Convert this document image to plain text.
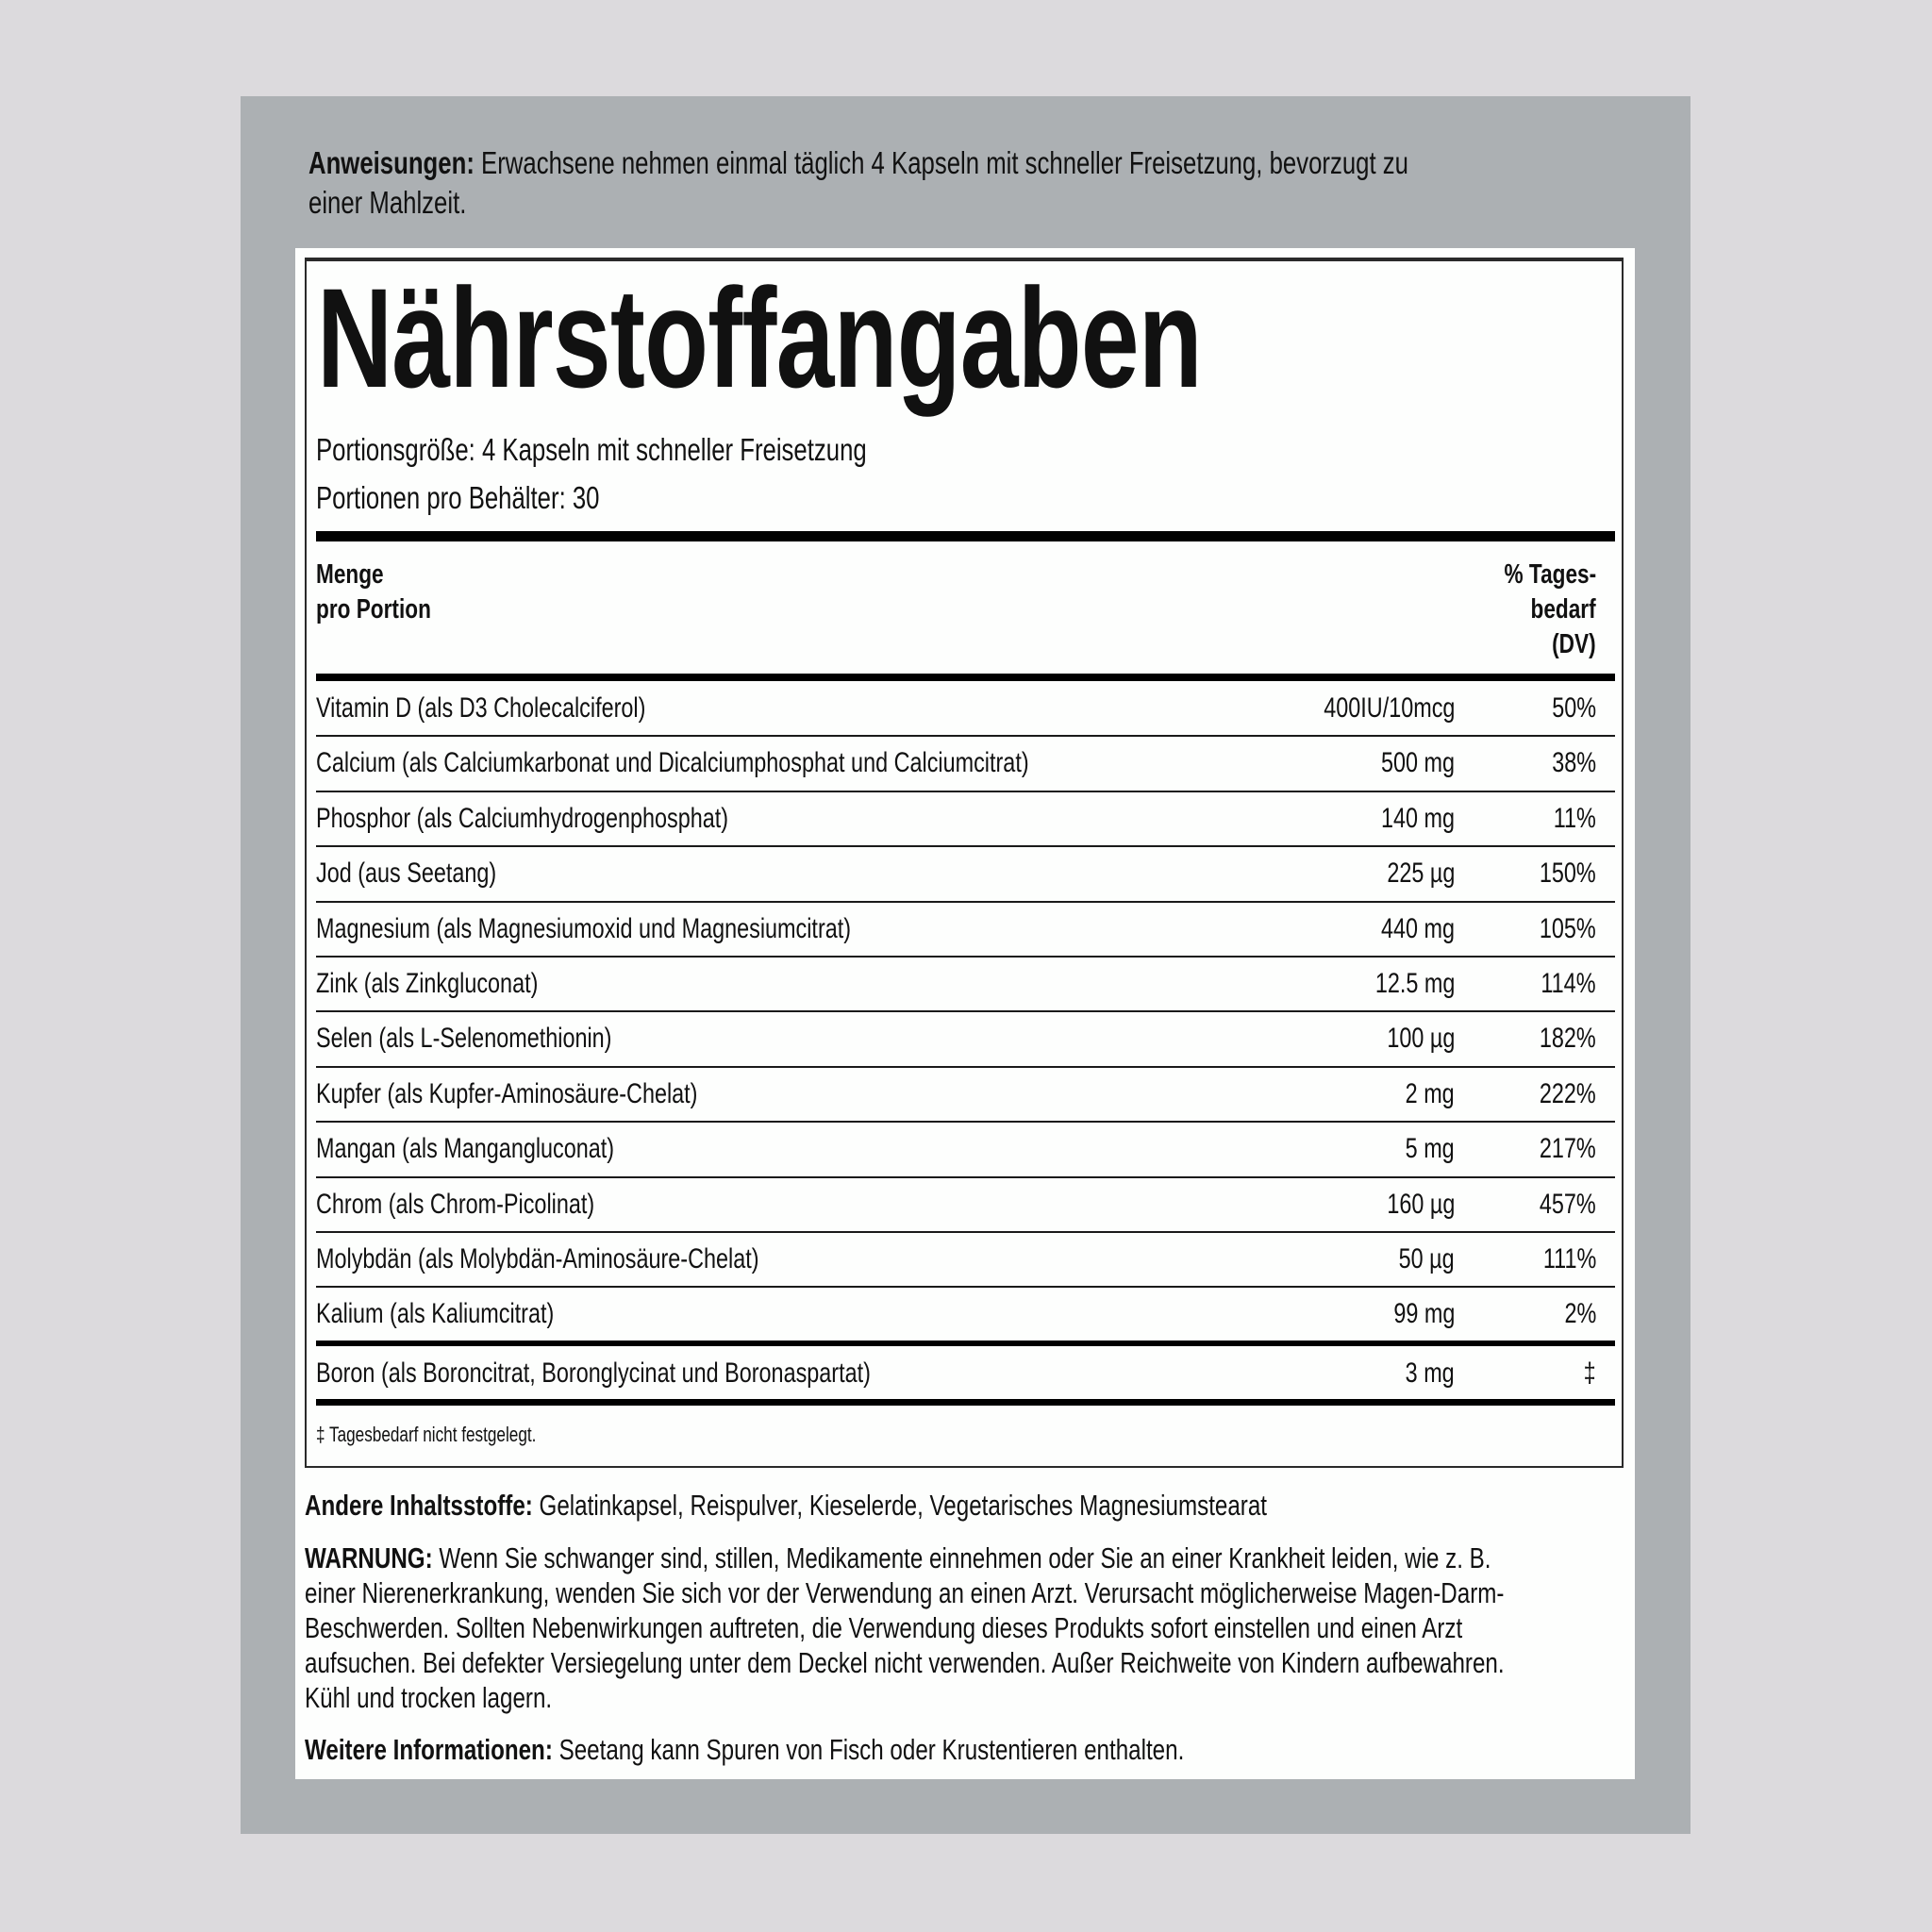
Anweisungen: Erwachsene nehmen einmal täglich 4 Kapseln mit schneller Freisetzung, bevorzugt zu
einer Mahlzeit.
Nährstoffangaben
Portionsgröße: 4 Kapseln mit schneller Freisetzung
Portionen pro Behälter: 30
Menge
pro Portion
% Tages-
bedarf
(DV)
Vitamin D (als D3 Cholecalciferol)	400IU/10mcg	50%
Calcium (als Calciumkarbonat und Dicalciumphosphat und Calciumcitrat)	500 mg	38%
Phosphor (als Calciumhydrogenphosphat)	140 mg	11%
Jod (aus Seetang)	225 µg	150%
Magnesium (als Magnesiumoxid und Magnesiumcitrat)	440 mg	105%
Zink (als Zinkgluconat)	12.5 mg	114%
Selen (als L-Selenomethionin)	100 µg	182%
Kupfer (als Kupfer-Aminosäure-Chelat)	2 mg	222%
Mangan (als Mangangluconat)	5 mg	217%
Chrom (als Chrom-Picolinat)	160 µg	457%
Molybdän (als Molybdän-Aminosäure-Chelat)	50 µg	111%
Kalium (als Kaliumcitrat)	99 mg	2%
Boron (als Boroncitrat, Boronglycinat und Boronaspartat)	3 mg	‡
‡ Tagesbedarf nicht festgelegt.
Andere Inhaltsstoffe: Gelatinkapsel, Reispulver, Kieselerde, Vegetarisches Magnesiumstearat
WARNUNG: Wenn Sie schwanger sind, stillen, Medikamente einnehmen oder Sie an einer Krankheit leiden, wie z. B.
einer Nierenerkrankung, wenden Sie sich vor der Verwendung an einen Arzt. Verursacht möglicherweise Magen-Darm-
Beschwerden. Sollten Nebenwirkungen auftreten, die Verwendung dieses Produkts sofort einstellen und einen Arzt
aufsuchen. Bei defekter Versiegelung unter dem Deckel nicht verwenden. Außer Reichweite von Kindern aufbewahren.
Kühl und trocken lagern.
Weitere Informationen: Seetang kann Spuren von Fisch oder Krustentieren enthalten.
